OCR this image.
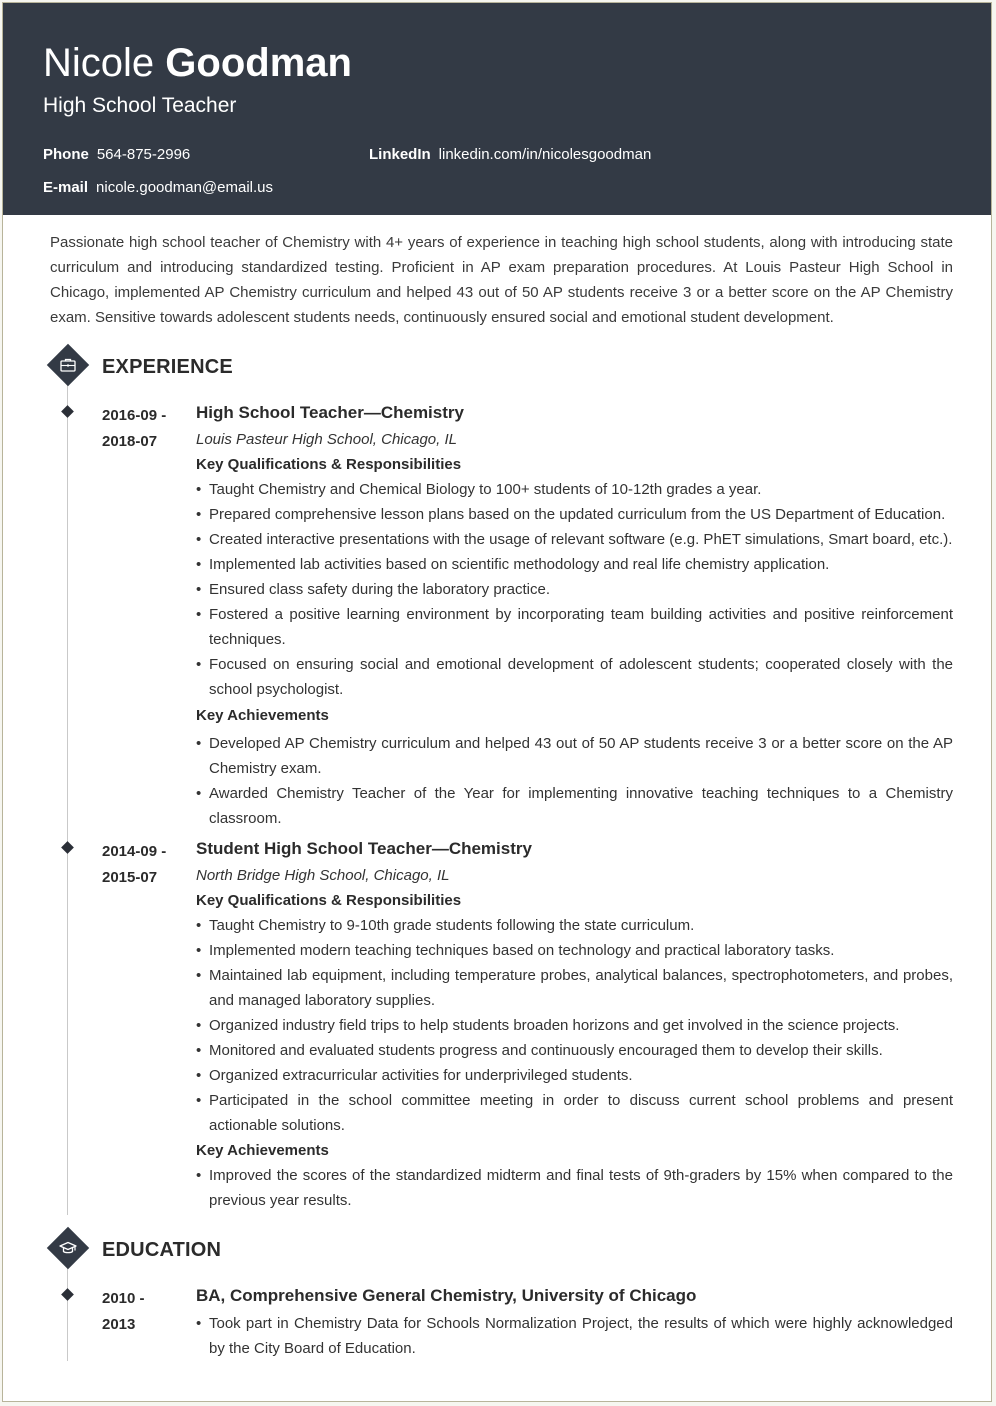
Nicole Goodman
High School Teacher
Phone 564-875-2996	LinkedIn linkedin.com/in/nicolesgoodman
E-mail nicole.goodman@email.us
Passionate high school teacher of Chemistry with 4+ years of experience in teaching high school students, along with introducing state curriculum and introducing standardized testing. Proficient in AP exam preparation procedures. At Louis Pasteur High School in Chicago, implemented AP Chemistry curriculum and helped 43 out of 50 AP students receive 3 or a better score on the AP Chemistry exam. Sensitive towards adolescent students needs, continuously ensured social and emotional student development.
EXPERIENCE
2016-09 -
2018-07
High School Teacher—Chemistry
Louis Pasteur High School, Chicago, IL
Key Qualifications & Responsibilities
• Taught Chemistry and Chemical Biology to 100+ students of 10-12th grades a year.
• Prepared comprehensive lesson plans based on the updated curriculum from the US Department of Education.
• Created interactive presentations with the usage of relevant software (e.g. PhET simulations, Smart board, etc.).
• Implemented lab activities based on scientific methodology and real life chemistry application.
• Ensured class safety during the laboratory practice.
• Fostered a positive learning environment by incorporating team building activities and positive reinforcement techniques.
• Focused on ensuring social and emotional development of adolescent students; cooperated closely with the school psychologist.
Key Achievements
• Developed AP Chemistry curriculum and helped 43 out of 50 AP students receive 3 or a better score on the AP Chemistry exam.
• Awarded Chemistry Teacher of the Year for implementing innovative teaching techniques to a Chemistry classroom.
2014-09 -
2015-07
Student High School Teacher—Chemistry
North Bridge High School, Chicago, IL
Key Qualifications & Responsibilities
• Taught Chemistry to 9-10th grade students following the state curriculum.
• Implemented modern teaching techniques based on technology and practical laboratory tasks.
• Maintained lab equipment, including temperature probes, analytical balances, spectrophotometers, and probes, and managed laboratory supplies.
• Organized industry field trips to help students broaden horizons and get involved in the science projects.
• Monitored and evaluated students progress and continuously encouraged them to develop their skills.
• Organized extracurricular activities for underprivileged students.
• Participated in the school committee meeting in order to discuss current school problems and present actionable solutions.
Key Achievements
• Improved the scores of the standardized midterm and final tests of 9th-graders by 15% when compared to the previous year results.
EDUCATION
2010 -
2013
BA, Comprehensive General Chemistry, University of Chicago
• Took part in Chemistry Data for Schools Normalization Project, the results of which were highly acknowledged by the City Board of Education.
